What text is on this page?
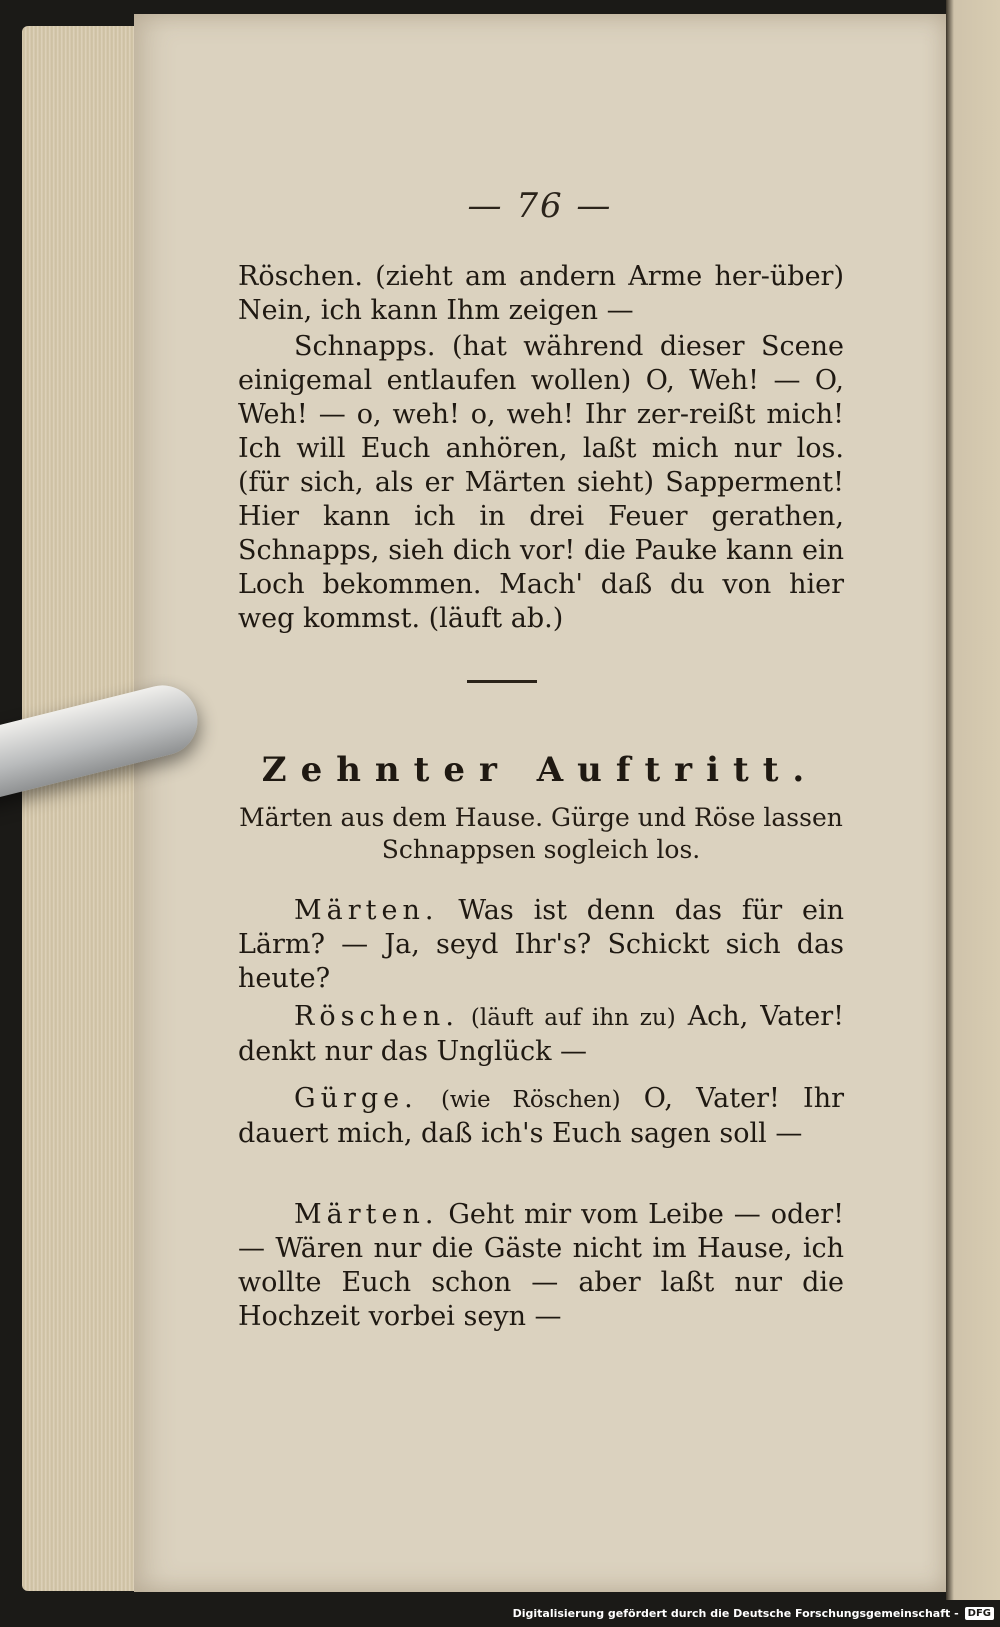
— 76 —
Röschen. (zieht am andern Arme her-über) Nein, ich kann Ihm zeigen —
Schnapps. (hat während dieser Scene einigemal entlaufen wollen) O, Weh! — O, Weh! — o, weh! o, weh! Ihr zer-reißt mich! Ich will Euch anhören, laßt mich nur los. (für sich, als er Märten sieht) Sapperment! Hier kann ich in drei Feuer gerathen, Schnapps, sieh dich vor! die Pauke kann ein Loch bekommen. Mach' daß du von hier weg kommst. (läuft ab.)
Zehnter Auftritt.
Märten aus dem Hause. Gürge und Röse lassen Schnappsen sogleich los.
Märten. Was ist denn das für ein Lärm? — Ja, seyd Ihr's? Schickt sich das heute?
Röschen. (läuft auf ihn zu) Ach, Vater! denkt nur das Unglück —
Gürge. (wie Röschen) O, Vater! Ihr dauert mich, daß ich's Euch sagen soll —
Märten. Geht mir vom Leibe — oder! — Wären nur die Gäste nicht im Hause, ich wollte Euch schon — aber laßt nur die Hochzeit vorbei seyn —
Digitalisierung gefördert durch die Deutsche Forschungsgemeinschaft - DFG
